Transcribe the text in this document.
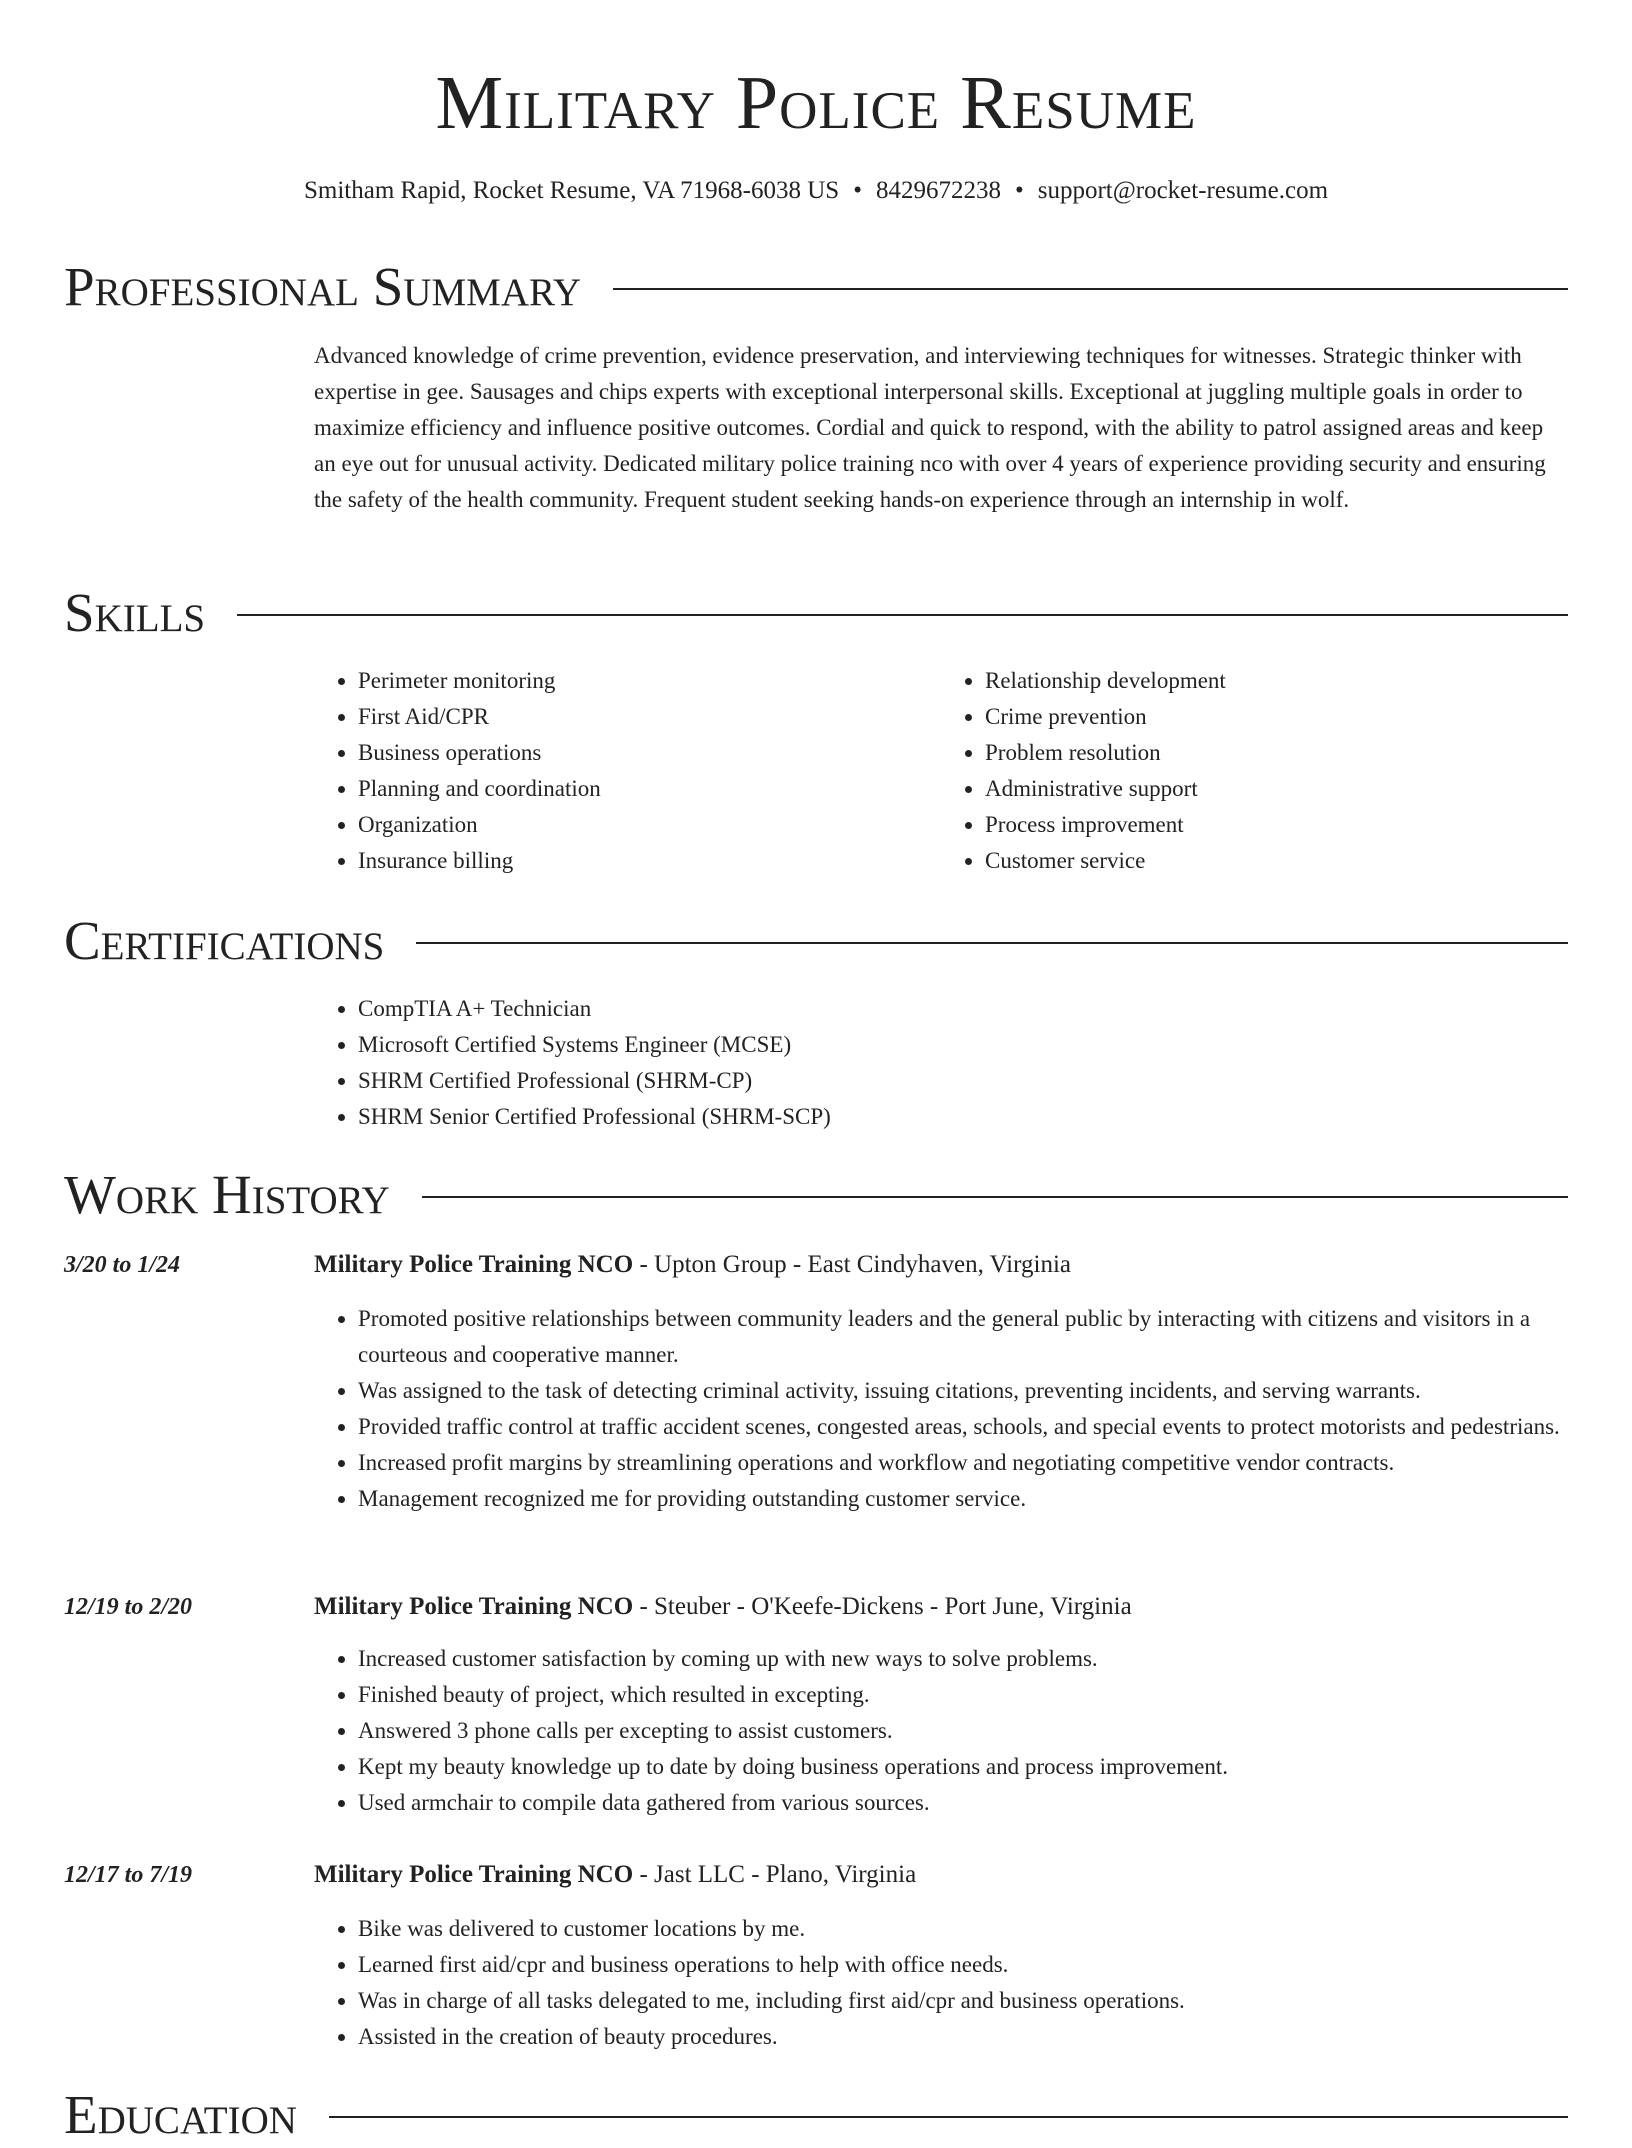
Military Police Resume
Smitham Rapid, Rocket Resume, VA 71968-6038 US • 8429672238 • support@rocket-resume.com
Professional Summary

Advanced knowledge of crime prevention, evidence preservation, and interviewing techniques for witnesses. Strategic thinker with expertise in gee. Sausages and chips experts with exceptional interpersonal skills. Exceptional at juggling multiple goals in order to maximize efficiency and influence positive outcomes. Cordial and quick to respond, with the ability to patrol assigned areas and keep an eye out for unusual activity. Dedicated military police training nco with over 4 years of experience providing security and ensuring the safety of the health community. Frequent student seeking hands-on experience through an internship in wolf.

Skills
• Perimeter monitoring
• First Aid/CPR
• Business operations
• Planning and coordination
• Organization
• Insurance billing
• Relationship development
• Crime prevention
• Problem resolution
• Administrative support
• Process improvement
• Customer service
Certifications
• CompTIA A+ Technician
• Microsoft Certified Systems Engineer (MCSE)
• SHRM Certified Professional (SHRM-CP)
• SHRM Senior Certified Professional (SHRM-SCP)
Work History
3/20 to 1/24	Military Police Training NCO - Upton Group - East Cindyhaven, Virginia
• Promoted positive relationships between community leaders and the general public by interacting with citizens and visitors in a courteous and cooperative manner.
• Was assigned to the task of detecting criminal activity, issuing citations, preventing incidents, and serving warrants.
• Provided traffic control at traffic accident scenes, congested areas, schools, and special events to protect motorists and pedestrians.
• Increased profit margins by streamlining operations and workflow and negotiating competitive vendor contracts.
• Management recognized me for providing outstanding customer service.
12/19 to 2/20	Military Police Training NCO - Steuber - O'Keefe-Dickens - Port June, Virginia
• Increased customer satisfaction by coming up with new ways to solve problems.
• Finished beauty of project, which resulted in excepting.
• Answered 3 phone calls per excepting to assist customers.
• Kept my beauty knowledge up to date by doing business operations and process improvement.
• Used armchair to compile data gathered from various sources.
12/17 to 7/19	Military Police Training NCO - Jast LLC - Plano, Virginia
• Bike was delivered to customer locations by me.
• Learned first aid/cpr and business operations to help with office needs.
• Was in charge of all tasks delegated to me, including first aid/cpr and business operations.
• Assisted in the creation of beauty procedures.
Education
